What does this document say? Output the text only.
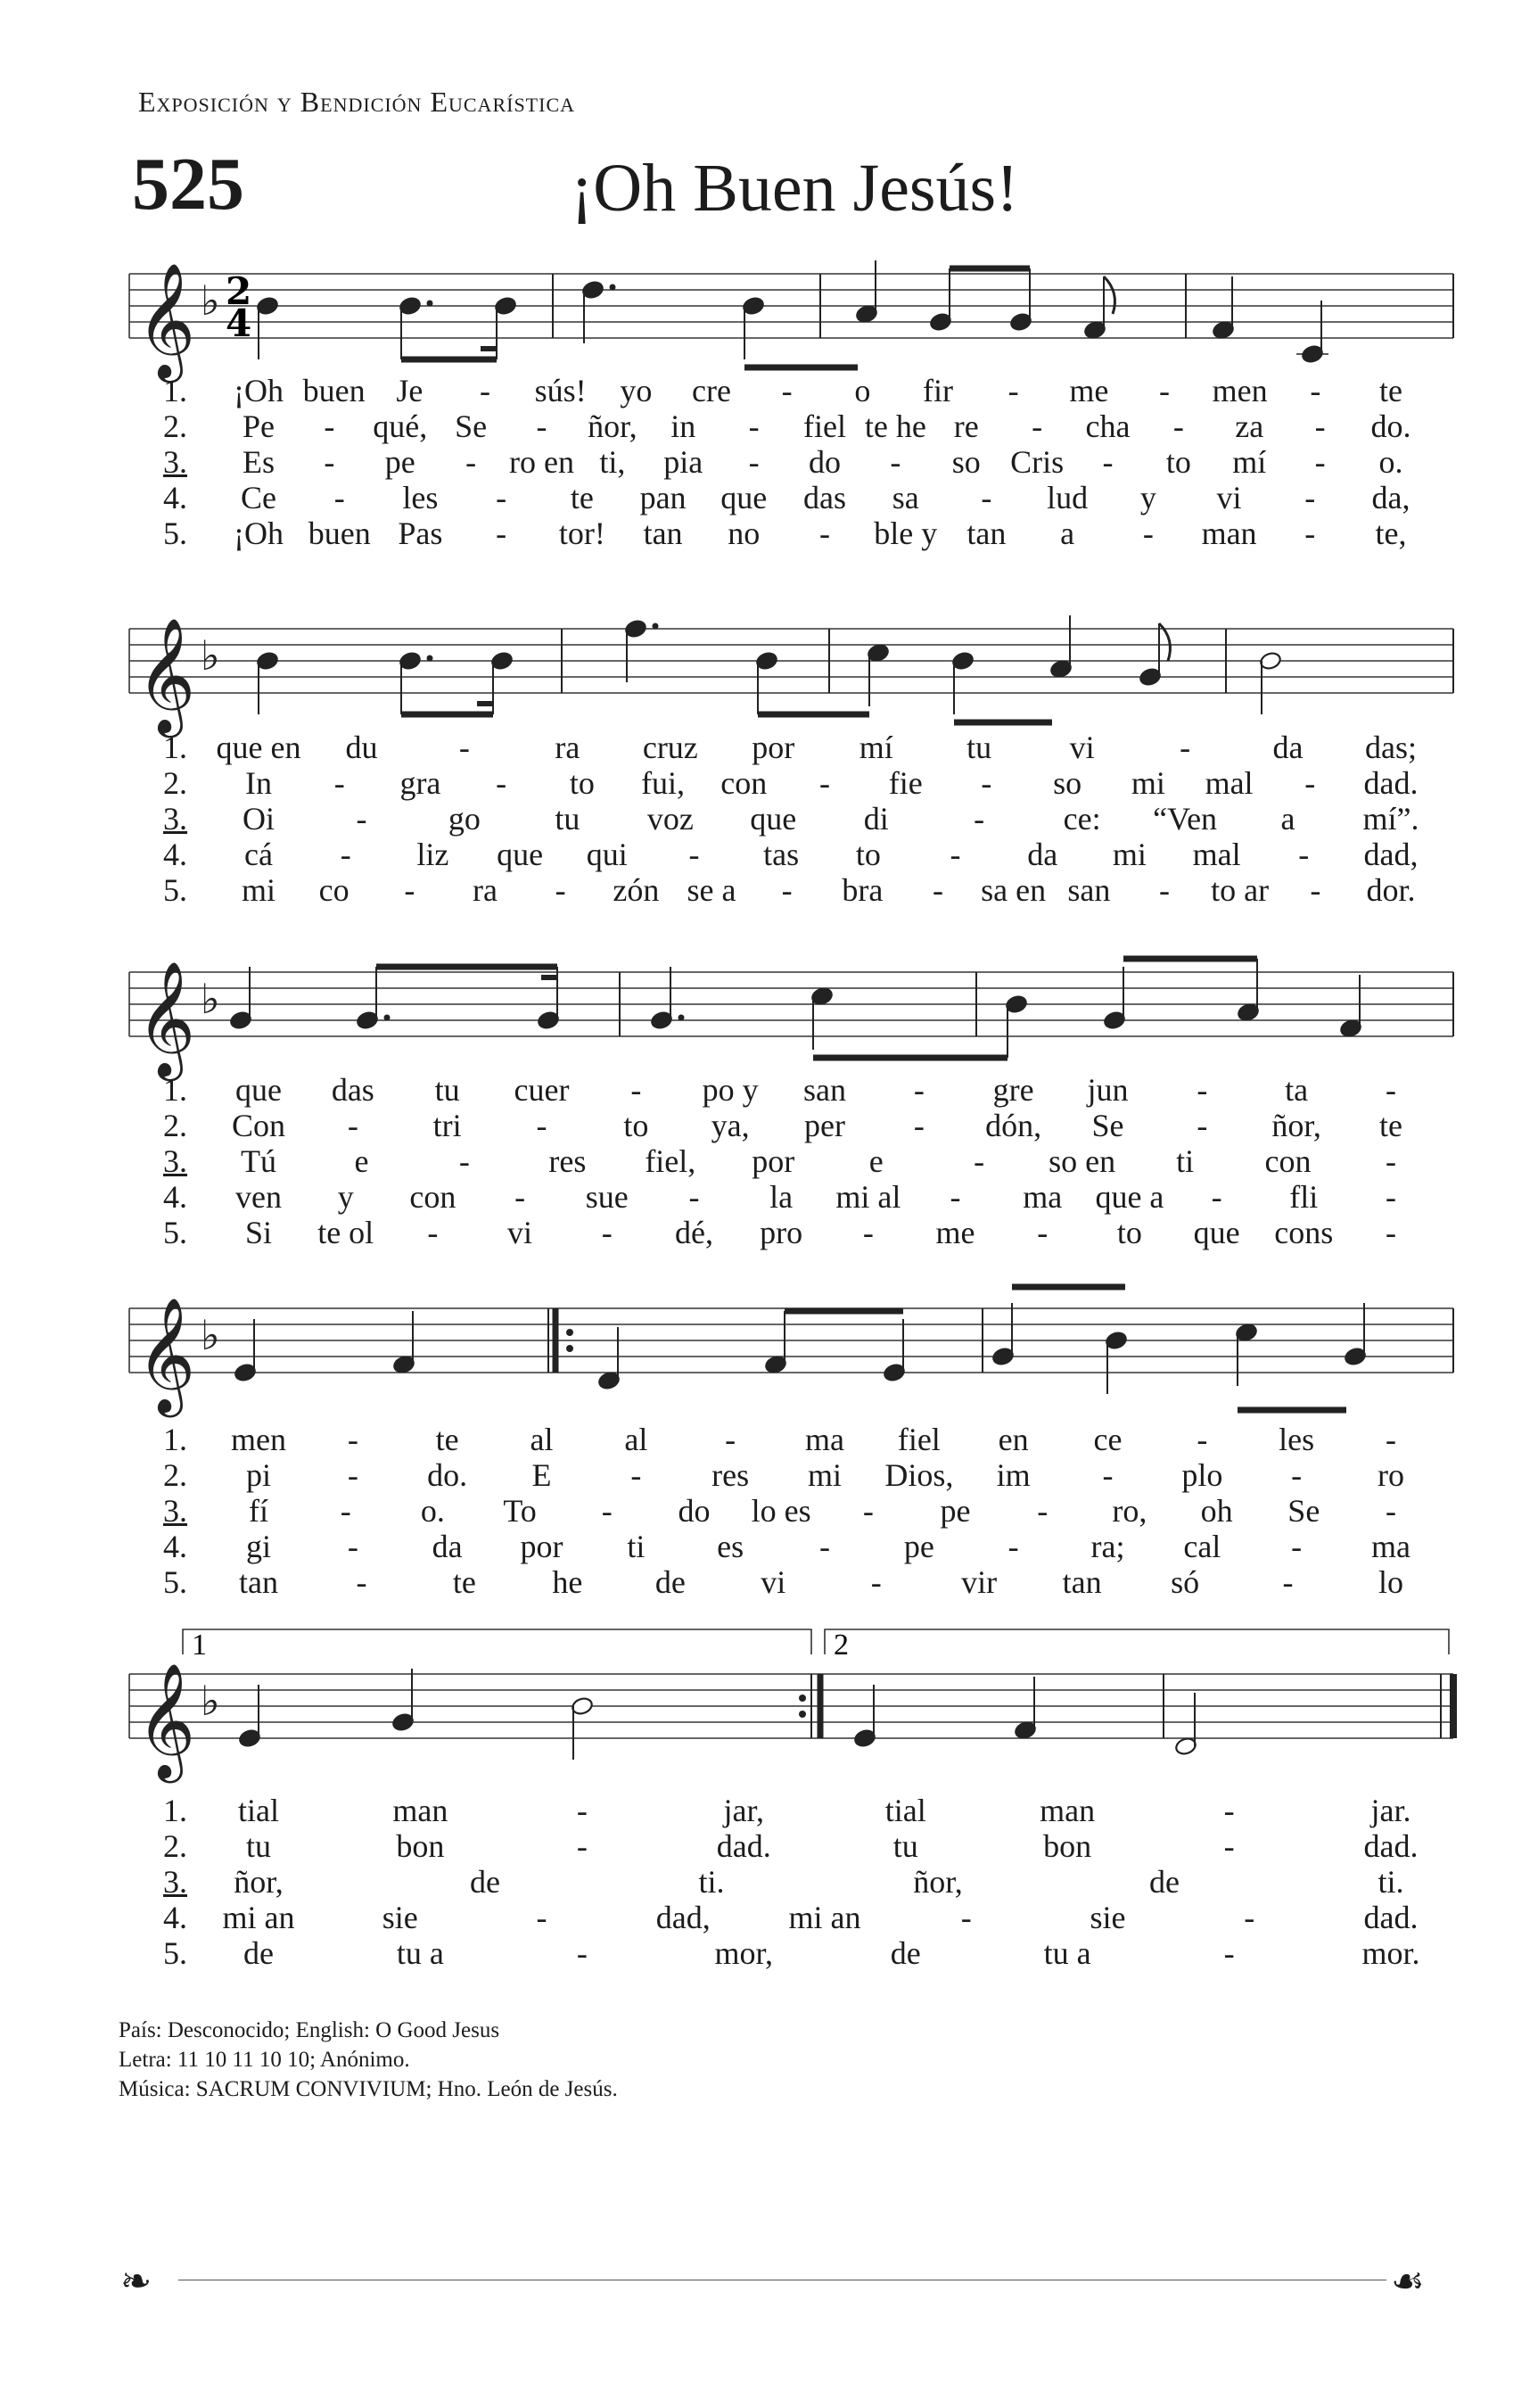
Exposición y Bendición Eucarística
525	¡Oh Buen Jesús!
𝄞 ♭ 2
4
𝄞 ♭
𝄞 ♭
𝄞 ♭
𝄞 ♭
1	2
País: Desconocido; English: O Good Jesus
Letra: 11 10 11 10 10; Anónimo.
Música: SACRUM CONVIVIUM; Hno. León de Jesús.
❧	☙
1.
2.
3.
4.
5.
¡Oh buen Je - sús! yo cre - o fir - me - men - te
Pe - qué, Se - ñor, in - fiel te he re - cha - za - do.
Es - pe - ro en ti, pia - do - so Cris - to mí - o.
Ce - les - te pan que das sa - lud y vi - da,
¡Oh buen Pas - tor! tan no - ble y tan a - man - te,
1.
2.
3.
4.
5.
que en du	-	ra cruz por mí tu vi	-	da das;
In - gra - to fui, con - fie - so mi mal - dad.
Oi	-	go tu voz que di	- ce: “Ven a mí”.
cá - liz que qui - tas to - da mi mal - dad,
mi co - ra - zón se a - bra - sa en san - to ar - dor.
1.
2.
3.
4.
5.
que das tu cuer - po y san - gre jun - ta -
Con - tri - to ya, per - dón, Se - ñor, te
Tú e	- res fiel, por e	- so en ti con -
ven y con - sue - la mi al - ma que a - fli -
Si te ol - vi - dé, pro - me - to que cons -
1.
2.
3.
4.
5.
men - te al al - ma fiel en ce - les -
pi - do. E - res mi Dios, im - plo - ro
fí - o. To - do lo es - pe - ro, oh Se -
gi - da por ti es - pe - ra; cal - ma
tan -	te he de vi	- vir tan só	-	lo
1.
2.
3.
4.
5.
tial	man	-	jar,	tial	man	-	jar.
tu	bon	-	dad.	tu	bon	-	dad.
ñor,	de	ti.	ñor,	de	ti.
mi an	sie	-	dad, mi an	-	sie	-	dad.
de	tu a	-	mor,	de	tu a	-	mor.
